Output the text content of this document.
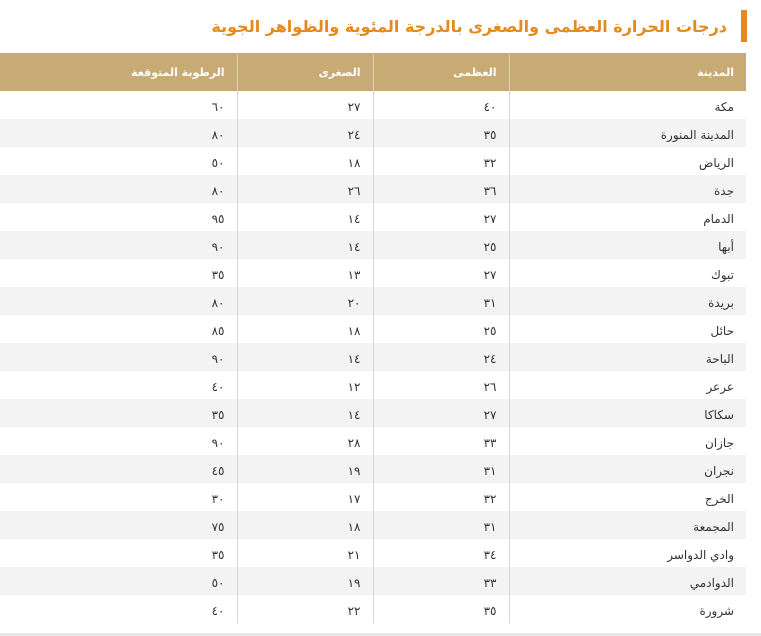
درجات الحرارة العظمى والصغرى بالدرجة المئوية والظواهر الجوية
المدينة	العظمى	الصغرى	الرطوبة المتوقعة
مكة	٤٠	٢٧	٦٠
المدينة المنورة	٣٥	٢٤	٨٠
الرياض	٣٢	١٨	٥٠
جدة	٣٦	٢٦	٨٠
الدمام	٢٧	١٤	٩٥
أبها	٢٥	١٤	٩٠
تبوك	٢٧	١٣	٣٥
بريدة	٣١	٢٠	٨٠
حائل	٢٥	١٨	٨٥
الباحة	٢٤	١٤	٩٠
عرعر	٢٦	١٢	٤٠
سكاكا	٢٧	١٤	٣٥
جازان	٣٣	٢٨	٩٠
نجران	٣١	١٩	٤٥
الخرج	٣٢	١٧	٣٠
المجمعة	٣١	١٨	٧٥
وادي الدواسر	٣٤	٢١	٣٥
الدوادمي	٣٣	١٩	٥٠
شرورة	٣٥	٢٢	٤٠
